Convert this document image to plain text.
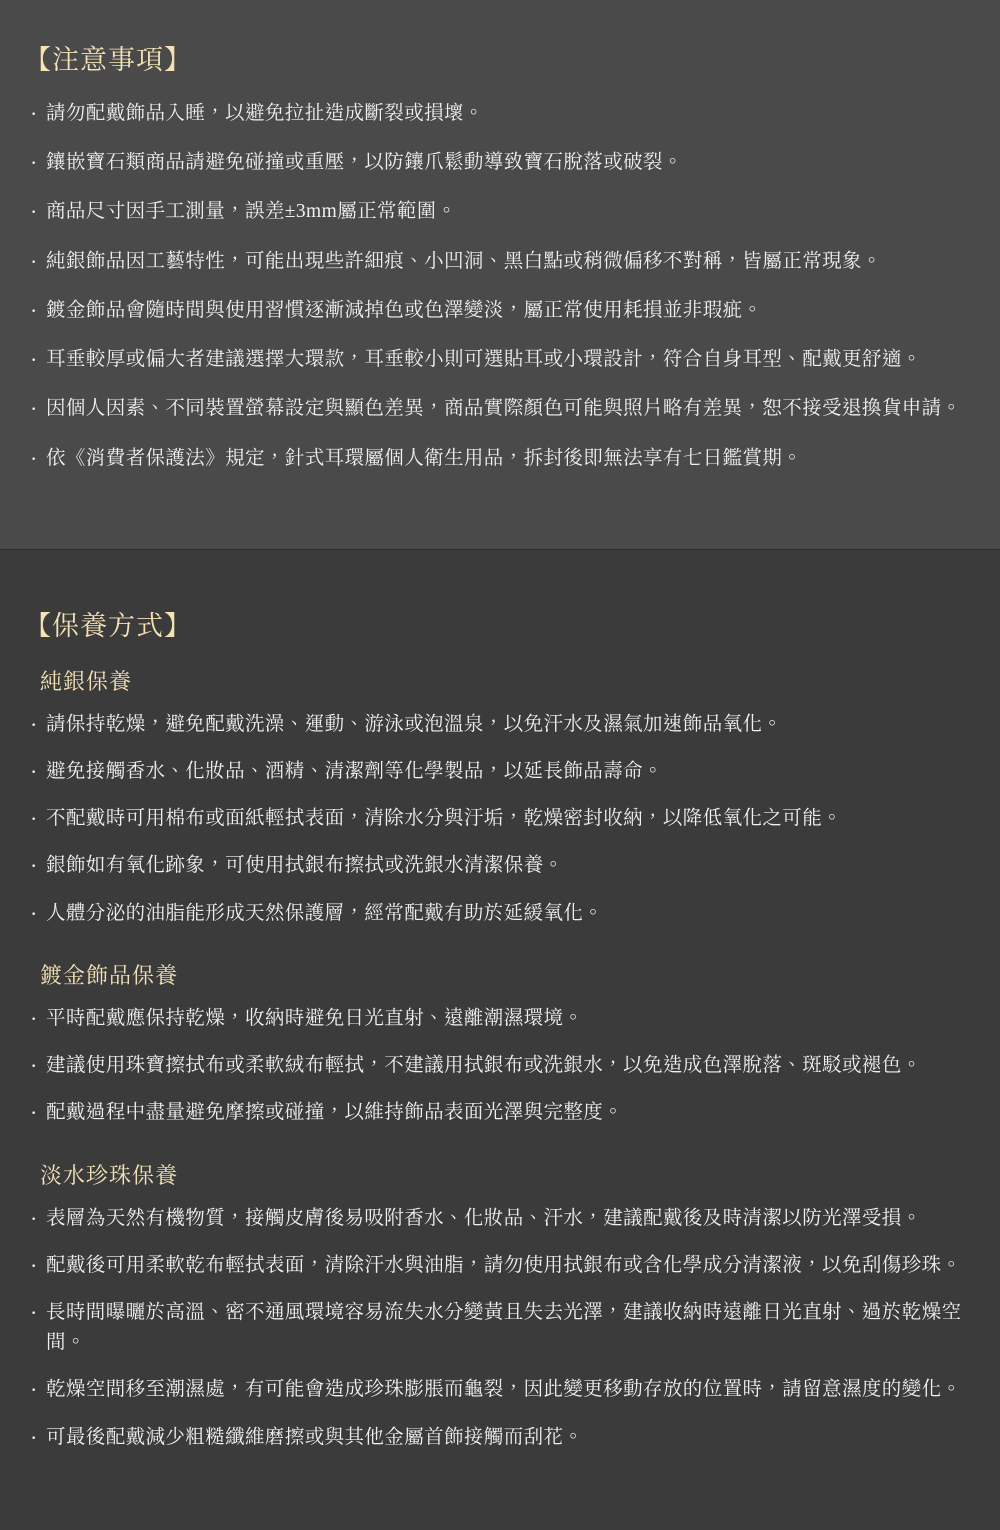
【注意事項】
· 請勿配戴飾品入睡，以避免拉扯造成斷裂或損壞。
· 鑲嵌寶石類商品請避免碰撞或重壓，以防鑲爪鬆動導致寶石脫落或破裂。
· 商品尺寸因手工測量，誤差±3mm屬正常範圍。
· 純銀飾品因工藝特性，可能出現些許細痕、小凹洞、黑白點或稍微偏移不對稱，皆屬正常現象。
· 鍍金飾品會隨時間與使用習慣逐漸減掉色或色澤變淡，屬正常使用耗損並非瑕疵。
· 耳垂較厚或偏大者建議選擇大環款，耳垂較小則可選貼耳或小環設計，符合自身耳型、配戴更舒適。
· 因個人因素、不同裝置螢幕設定與顯色差異，商品實際顏色可能與照片略有差異，恕不接受退換貨申請。
· 依《消費者保護法》規定，針式耳環屬個人衛生用品，拆封後即無法享有七日鑑賞期。
【保養方式】
純銀保養
· 請保持乾燥，避免配戴洗澡、運動、游泳或泡溫泉，以免汗水及濕氣加速飾品氧化。
· 避免接觸香水、化妝品、酒精、清潔劑等化學製品，以延長飾品壽命。
· 不配戴時可用棉布或面紙輕拭表面，清除水分與汙垢，乾燥密封收納，以降低氧化之可能。
· 銀飾如有氧化跡象，可使用拭銀布擦拭或洗銀水清潔保養。
· 人體分泌的油脂能形成天然保護層，經常配戴有助於延緩氧化。
鍍金飾品保養
· 平時配戴應保持乾燥，收納時避免日光直射、遠離潮濕環境。
· 建議使用珠寶擦拭布或柔軟絨布輕拭，不建議用拭銀布或洗銀水，以免造成色澤脫落、斑駁或褪色。
· 配戴過程中盡量避免摩擦或碰撞，以維持飾品表面光澤與完整度。
淡水珍珠保養
· 表層為天然有機物質，接觸皮膚後易吸附香水、化妝品、汗水，建議配戴後及時清潔以防光澤受損。
· 配戴後可用柔軟乾布輕拭表面，清除汗水與油脂，請勿使用拭銀布或含化學成分清潔液，以免刮傷珍珠。
· 長時間曝曬於高溫、密不通風環境容易流失水分變黃且失去光澤，建議收納時遠離日光直射、過於乾燥空間。
· 乾燥空間移至潮濕處，有可能會造成珍珠膨脹而龜裂，因此變更移動存放的位置時，請留意濕度的變化。
· 可最後配戴減少粗糙纖維磨擦或與其他金屬首飾接觸而刮花。
